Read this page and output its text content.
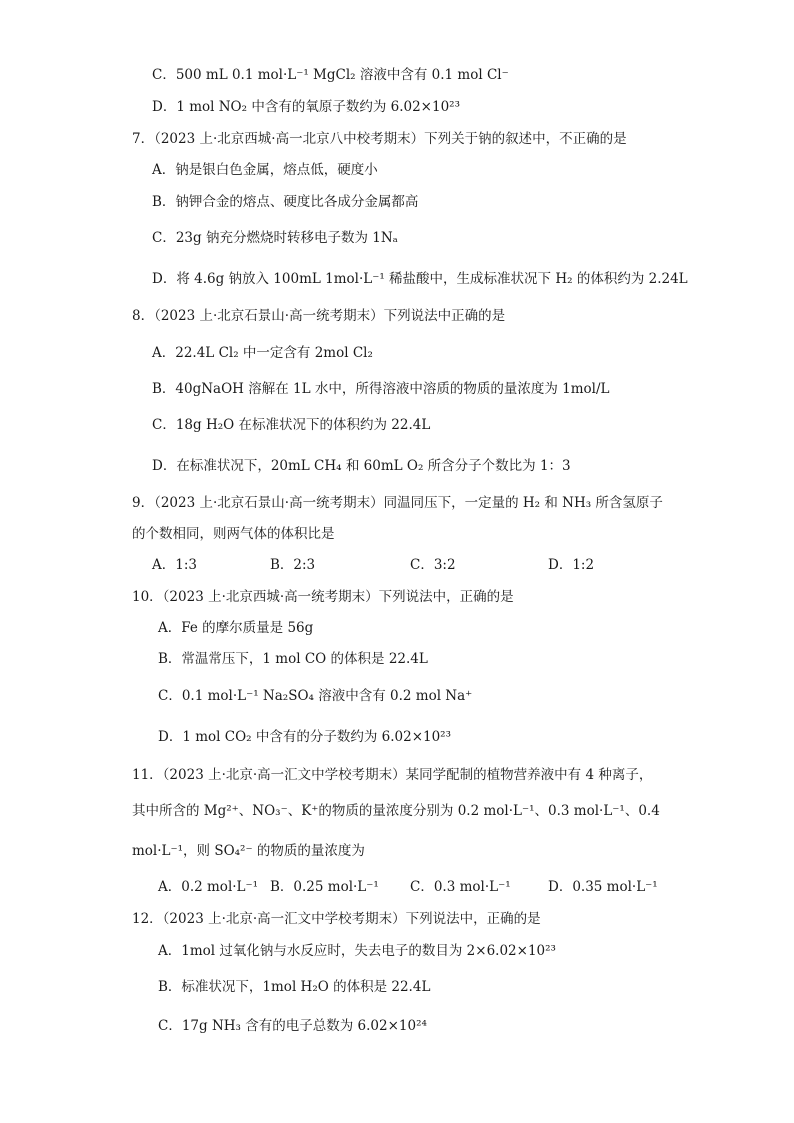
C．500 mL 0.1 mol·L⁻¹ MgCl₂ 溶液中含有 0.1 mol Cl⁻
D．1 mol NO₂ 中含有的氧原子数约为 6.02×10²³
7．（2023 上·北京西城·高一北京八中校考期末）下列关于钠的叙述中，不正确的是
A．钠是银白色金属，熔点低，硬度小
B．钠钾合金的熔点、硬度比各成分金属都高
C．23g 钠充分燃烧时转移电子数为 1Nₐ
D．将 4.6g 钠放入 100mL 1mol·L⁻¹ 稀盐酸中，生成标准状况下 H₂ 的体积约为 2.24L
8．（2023 上·北京石景山·高一统考期末）下列说法中正确的是
A．22.4L Cl₂ 中一定含有 2mol Cl₂
B．40gNaOH 溶解在 1L 水中，所得溶液中溶质的物质的量浓度为 1mol/L
C．18g H₂O 在标准状况下的体积约为 22.4L
D．在标准状况下，20mL CH₄ 和 60mL O₂ 所含分子个数比为 1：3
9．（2023 上·北京石景山·高一统考期末）同温同压下，一定量的 H₂ 和 NH₃ 所含氢原子
的个数相同，则两气体的体积比是
A．1:3	B．2:3	C．3:2	D．1:2
10．（2023 上·北京西城·高一统考期末）下列说法中，正确的是
A．Fe 的摩尔质量是 56g
B．常温常压下，1 mol CO 的体积是 22.4L
C．0.1 mol·L⁻¹ Na₂SO₄ 溶液中含有 0.2 mol Na⁺
D．1 mol CO₂ 中含有的分子数约为 6.02×10²³
11．（2023 上·北京·高一汇文中学校考期末）某同学配制的植物营养液中有 4 种离子，
其中所含的 Mg²⁺、NO₃⁻、K⁺的物质的量浓度分别为 0.2 mol·L⁻¹、0.3 mol·L⁻¹、0.4
mol·L⁻¹，则 SO₄²⁻ 的物质的量浓度为
A．0.2 mol·L⁻¹ B．0.25 mol·L⁻¹ C．0.3 mol·L⁻¹	D．0.35 mol·L⁻¹
12．（2023 上·北京·高一汇文中学校考期末）下列说法中，正确的是
A．1mol 过氧化钠与水反应时，失去电子的数目为 2×6.02×10²³
B．标准状况下，1mol H₂O 的体积是 22.4L
C．17g NH₃ 含有的电子总数为 6.02×10²⁴
